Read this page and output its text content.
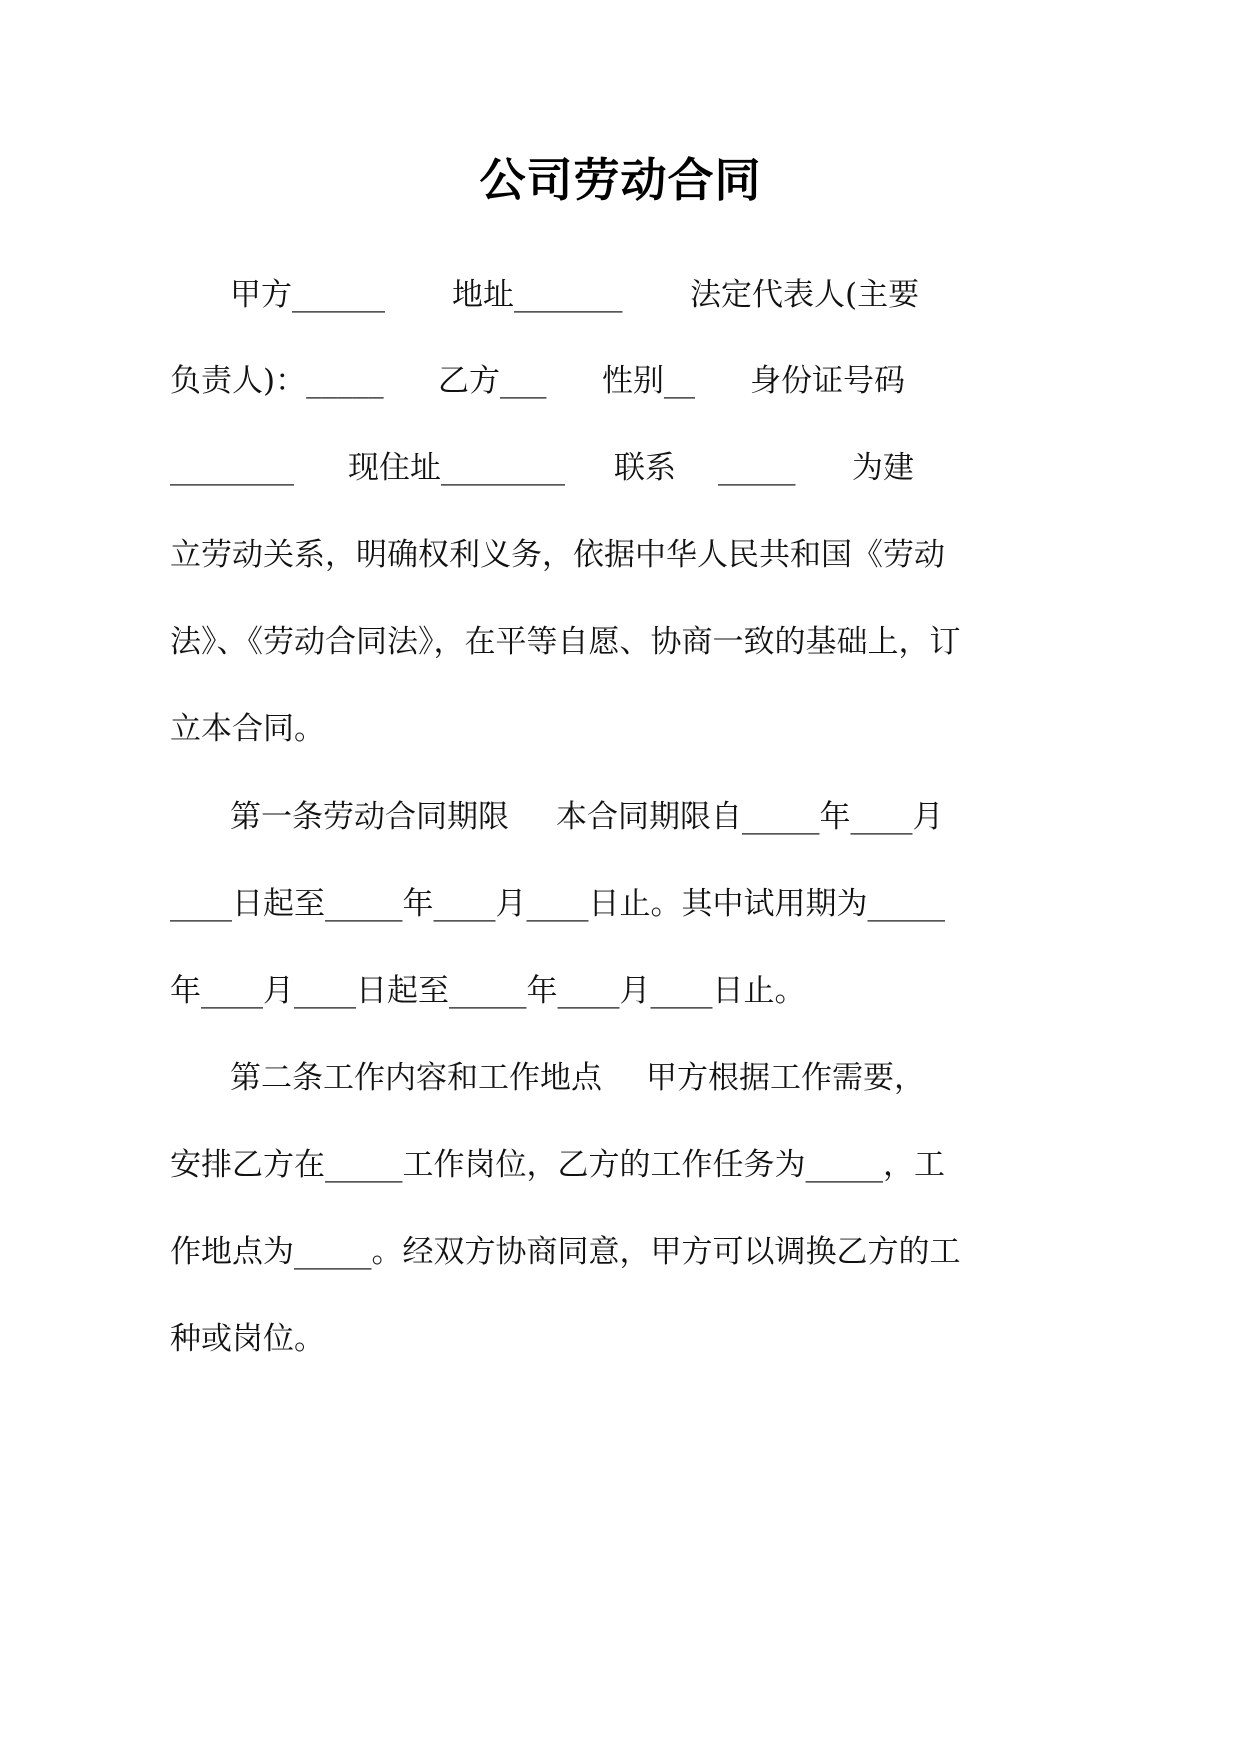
公司劳动合同

甲方______

地址_______

法定代表人(主要

负责人)：_____

乙方___

性别__

身份证号码

________

现住址________

联系

_____

为建

立劳动关系，明确权利义务，依据中华人民共和国《劳动

法》、《劳动合同法》，在平等自愿、协商一致的基础上，订

立本合同。

第一条劳动合同期限

本合同期限自_____年____月

____日起至_____年____月____日止。其中试用期为_____

年____月____日起至_____年____月____日止。

第二条工作内容和工作地点

甲方根据工作需要，

安排乙方在_____工作岗位，乙方的工作任务为_____，工

作地点为_____。经双方协商同意，甲方可以调换乙方的工

种或岗位。
